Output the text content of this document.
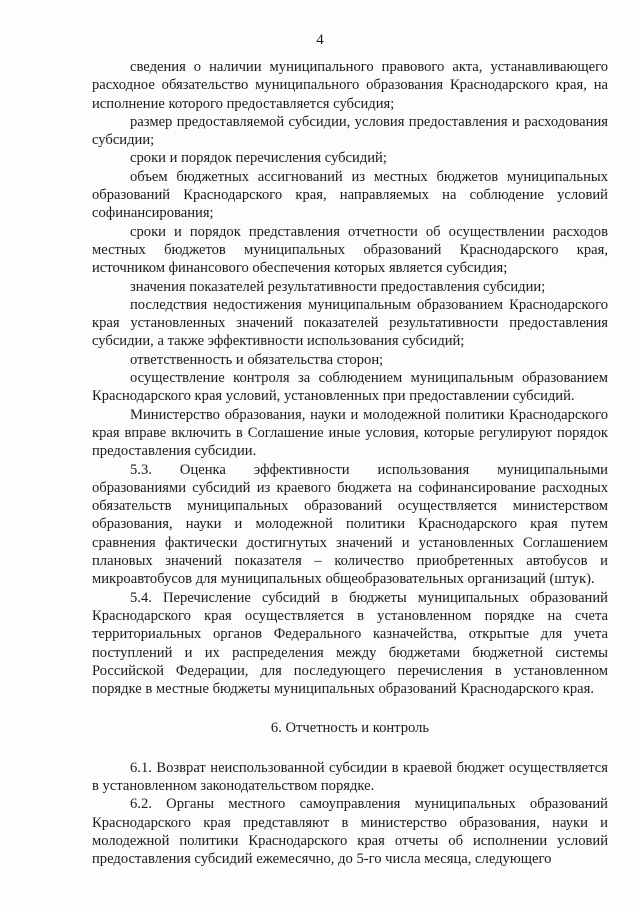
4

сведения о наличии муниципального правового акта, устанавливающего расходное обязательство муниципального образования Краснодарского края, на исполнение которого предоставляется субсидия;

размер предоставляемой субсидии, условия предоставления и расходования субсидии;

сроки и порядок перечисления субсидий;

объем бюджетных ассигнований из местных бюджетов муниципальных образований Краснодарского края, направляемых на соблюдение условий софинансирования;

сроки и порядок представления отчетности об осуществлении расходов местных бюджетов муниципальных образований Краснодарского края, источником финансового обеспечения которых является субсидия;

значения показателей результативности предоставления субсидии;

последствия недостижения муниципальным образованием Краснодарского края установленных значений показателей результативности предоставления субсидии, а также эффективности использования субсидий;

ответственность и обязательства сторон;

осуществление контроля за соблюдением муниципальным образованием Краснодарского края условий, установленных при предоставлении субсидий.

Министерство образования, науки и молодежной политики Краснодарского края вправе включить в Соглашение иные условия, которые регулируют порядок предоставления субсидии.

5.3. Оценка эффективности использования муниципальными образованиями субсидий из краевого бюджета на софинансирование расходных обязательств муниципальных образований осуществляется министерством образования, науки и молодежной политики Краснодарского края путем сравнения фактически достигнутых значений и установленных Соглашением плановых значений показателя – количество приобретенных автобусов и микроавтобусов для муниципальных общеобразовательных организаций (штук).

5.4. Перечисление субсидий в бюджеты муниципальных образований Краснодарского края осуществляется в установленном порядке на счета территориальных органов Федерального казначейства, открытые для учета поступлений и их распределения между бюджетами бюджетной системы Российской Федерации, для последующего перечисления в установленном порядке в местные бюджеты муниципальных образований Краснодарского края.

6. Отчетность и контроль

6.1. Возврат неиспользованной субсидии в краевой бюджет осуществляется в установленном законодательством порядке.

6.2. Органы местного самоуправления муниципальных образований Краснодарского края представляют в министерство образования, науки и молодежной политики Краснодарского края отчеты об исполнении условий предоставления субсидий ежемесячно, до 5-го числа месяца, следующего
